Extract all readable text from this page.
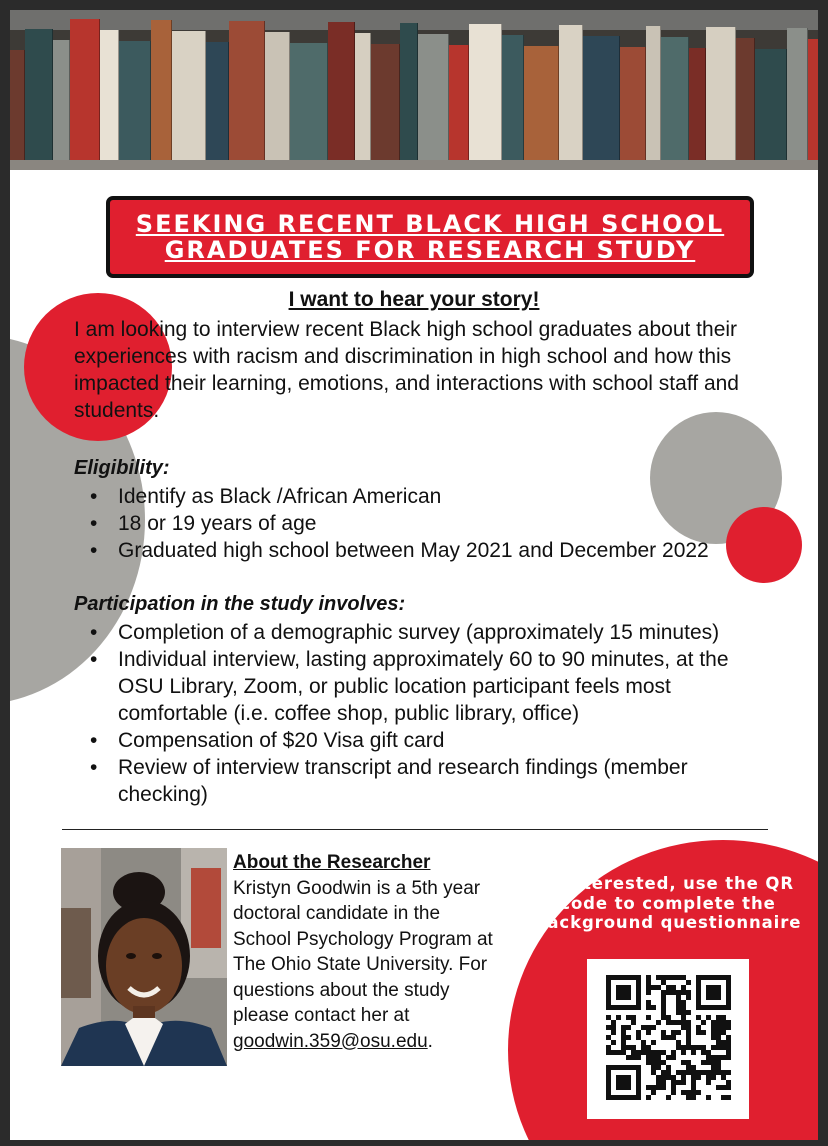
SEEKING RECENT BLACK HIGH SCHOOL
GRADUATES FOR RESEARCH STUDY
I want to hear your story!
I am looking to interview recent Black high school graduates about their experiences with racism and discrimination in high school and how this impacted their learning, emotions, and interactions with school staff and students.
Eligibility:
• Identify as Black /African American
• 18 or 19 years of age
• Graduated high school between May 2021 and December 2022
Participation in the study involves:
• Completion of a demographic survey (approximately 15 minutes)
• Individual interview, lasting approximately 60 to 90 minutes, at the OSU Library, Zoom, or public location participant feels most comfortable (i.e. coffee shop, public library, office)
• Compensation of $20 Visa gift card
• Review of interview transcript and research findings (member checking)
About the Researcher
Kristyn Goodwin is a 5th year doctoral candidate in the School Psychology Program at The Ohio State University. For questions about the study please contact her at
goodwin.359@osu.edu.
If interested, use the QR code to complete the background questionnaire
